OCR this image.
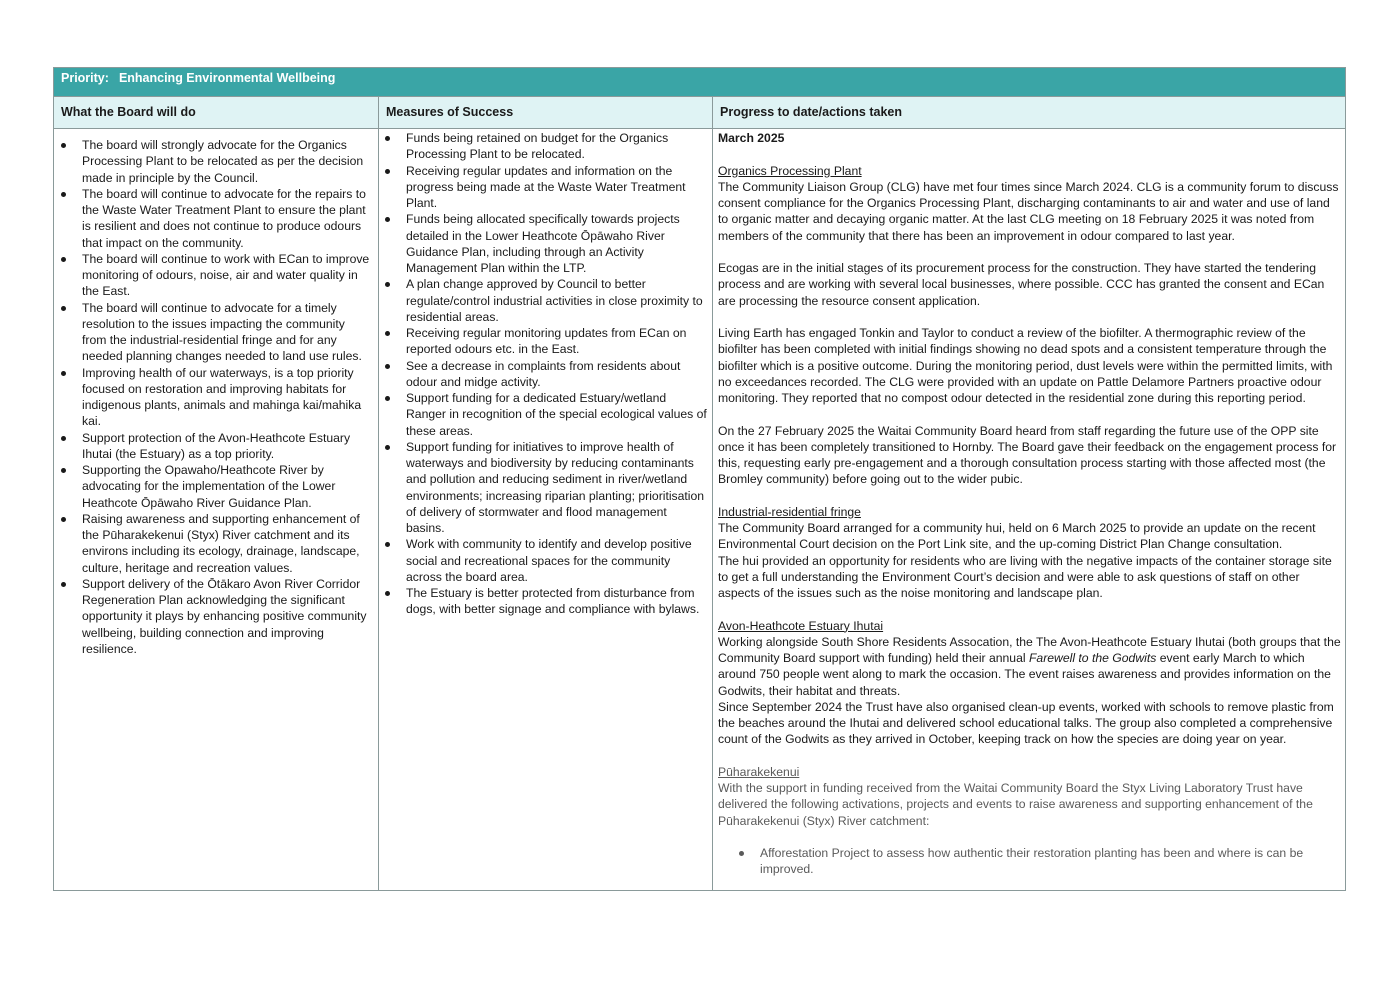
Priority: Enhancing Environmental Wellbeing
What the Board will do	Measures of Success	Progress to date/actions taken
The board will strongly advocate for the Organics Processing Plant to be relocated as per the decision made in principle by the Council.
The board will continue to advocate for the repairs to the Waste Water Treatment Plant to ensure the plant is resilient and does not continue to produce odours that impact on the community.
The board will continue to work with ECan to improve monitoring of odours, noise, air and water quality in the East.
The board will continue to advocate for a timely resolution to the issues impacting the community from the industrial-residential fringe and for any needed planning changes needed to land use rules.
Improving health of our waterways, is a top priority focused on restoration and improving habitats for indigenous plants, animals and mahinga kai/mahika kai.
Support protection of the Avon-Heathcote Estuary Ihutai (the Estuary) as a top priority.
Supporting the Opawaho/Heathcote River by advocating for the implementation of the Lower Heathcote Ōpāwaho River Guidance Plan.
Raising awareness and supporting enhancement of the Pūharakekenui (Styx) River catchment and its environs including its ecology, drainage, landscape, culture, heritage and recreation values.
Support delivery of the Ōtākaro Avon River Corridor Regeneration Plan acknowledging the significant opportunity it plays by enhancing positive community wellbeing, building connection and improving resilience.
Funds being retained on budget for the Organics Processing Plant to be relocated.
Receiving regular updates and information on the progress being made at the Waste Water Treatment Plant.
Funds being allocated specifically towards projects detailed in the Lower Heathcote Ōpāwaho River Guidance Plan, including through an Activity Management Plan within the LTP.
A plan change approved by Council to better regulate/control industrial activities in close proximity to residential areas.
Receiving regular monitoring updates from ECan on reported odours etc. in the East.
See a decrease in complaints from residents about odour and midge activity.
Support funding for a dedicated Estuary/wetland Ranger in recognition of the special ecological values of these areas.
Support funding for initiatives to improve health of waterways and biodiversity by reducing contaminants and pollution and reducing sediment in river/wetland environments; increasing riparian planting; prioritisation of delivery of stormwater and flood management basins.
Work with community to identify and develop positive social and recreational spaces for the community across the board area.
The Estuary is better protected from disturbance from dogs, with better signage and compliance with bylaws.

March 2025

Organics Processing Plant

The Community Liaison Group (CLG) have met four times since March 2024. CLG is a community forum to discuss consent compliance for the Organics Processing Plant, discharging contaminants to air and water and use of land to organic matter and decaying organic matter. At the last CLG meeting on 18 February 2025 it was noted from members of the community that there has been an improvement in odour compared to last year.

Ecogas are in the initial stages of its procurement process for the construction. They have started the tendering process and are working with several local businesses, where possible. CCC has granted the consent and ECan are processing the resource consent application.

Living Earth has engaged Tonkin and Taylor to conduct a review of the biofilter. A thermographic review of the biofilter has been completed with initial findings showing no dead spots and a consistent temperature through the biofilter which is a positive outcome. During the monitoring period, dust levels were within the permitted limits, with no exceedances recorded. The CLG were provided with an update on Pattle Delamore Partners proactive odour monitoring. They reported that no compost odour detected in the residential zone during this reporting period.

On the 27 February 2025 the Waitai Community Board heard from staff regarding the future use of the OPP site once it has been completely transitioned to Hornby. The Board gave their feedback on the engagement process for this, requesting early pre-engagement and a thorough consultation process starting with those affected most (the Bromley community) before going out to the wider pubic.

Industrial-residential fringe

The Community Board arranged for a community hui, held on 6 March 2025 to provide an update on the recent Environmental Court decision on the Port Link site, and the up-coming District Plan Change consultation.

The hui provided an opportunity for residents who are living with the negative impacts of the container storage site to get a full understanding the Environment Court’s decision and were able to ask questions of staff on other aspects of the issues such as the noise monitoring and landscape plan.

Avon-Heathcote Estuary Ihutai

Working alongside South Shore Residents Assocation, the The Avon-Heathcote Estuary Ihutai (both groups that the Community Board support with funding) held their annual Farewell to the Godwits event early March to which around 750 people went along to mark the occasion. The event raises awareness and provides information on the Godwits, their habitat and threats.

Since September 2024 the Trust have also organised clean-up events, worked with schools to remove plastic from the beaches around the Ihutai and delivered school educational talks. The group also completed a comprehensive count of the Godwits as they arrived in October, keeping track on how the species are doing year on year.

Pūharakekenui

With the support in funding received from the Waitai Community Board the Styx Living Laboratory Trust have delivered the following activations, projects and events to raise awareness and supporting enhancement of the Pūharakekenui (Styx) River catchment:

Afforestation Project to assess how authentic their restoration planting has been and where is can be improved.
